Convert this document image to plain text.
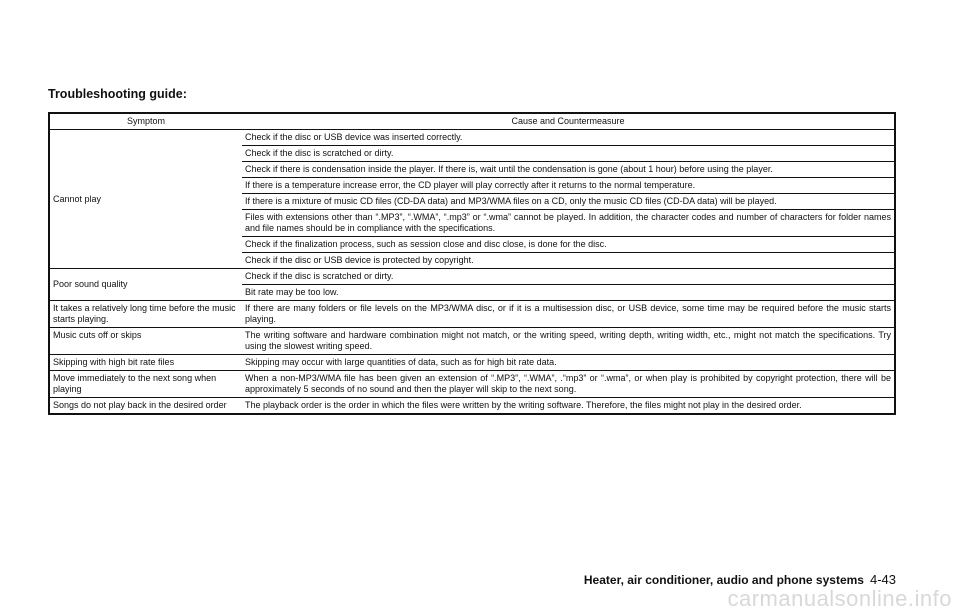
Troubleshooting guide:
Symptom	Cause and Countermeasure
Cannot play	Check if the disc or USB device was inserted correctly.
	Check if the disc is scratched or dirty.
	Check if there is condensation inside the player. If there is, wait until the condensation is gone (about 1 hour) before using the player.
	If there is a temperature increase error, the CD player will play correctly after it returns to the normal temperature.
	If there is a mixture of music CD files (CD-DA data) and MP3/WMA files on a CD, only the music CD files (CD-DA data) will be played.
	Files with extensions other than “.MP3”, “.WMA”, “.mp3” or “.wma” cannot be played. In addition, the character codes and number of characters for folder names and file names should be in compliance with the specifications.
	Check if the finalization process, such as session close and disc close, is done for the disc.
	Check if the disc or USB device is protected by copyright.
Poor sound quality	Check if the disc is scratched or dirty.
	Bit rate may be too low.
It takes a relatively long time before the music starts playing.	If there are many folders or file levels on the MP3/WMA disc, or if it is a multisession disc, or USB device, some time may be required before the music starts playing.
Music cuts off or skips	The writing software and hardware combination might not match, or the writing speed, writing depth, writing width, etc., might not match the specifications. Try using the slowest writing speed.
Skipping with high bit rate files	Skipping may occur with large quantities of data, such as for high bit rate data.
Move immediately to the next song when playing	When a non-MP3/WMA file has been given an extension of “.MP3”, “.WMA”, .“mp3” or “.wma”, or when play is prohibited by copyright protection, there will be approximately 5 seconds of no sound and then the player will skip to the next song.
Songs do not play back in the desired order	The playback order is the order in which the files were written by the writing software. Therefore, the files might not play in the desired order.
Heater, air conditioner, audio and phone systems 4-43
carmanualsonline.info
